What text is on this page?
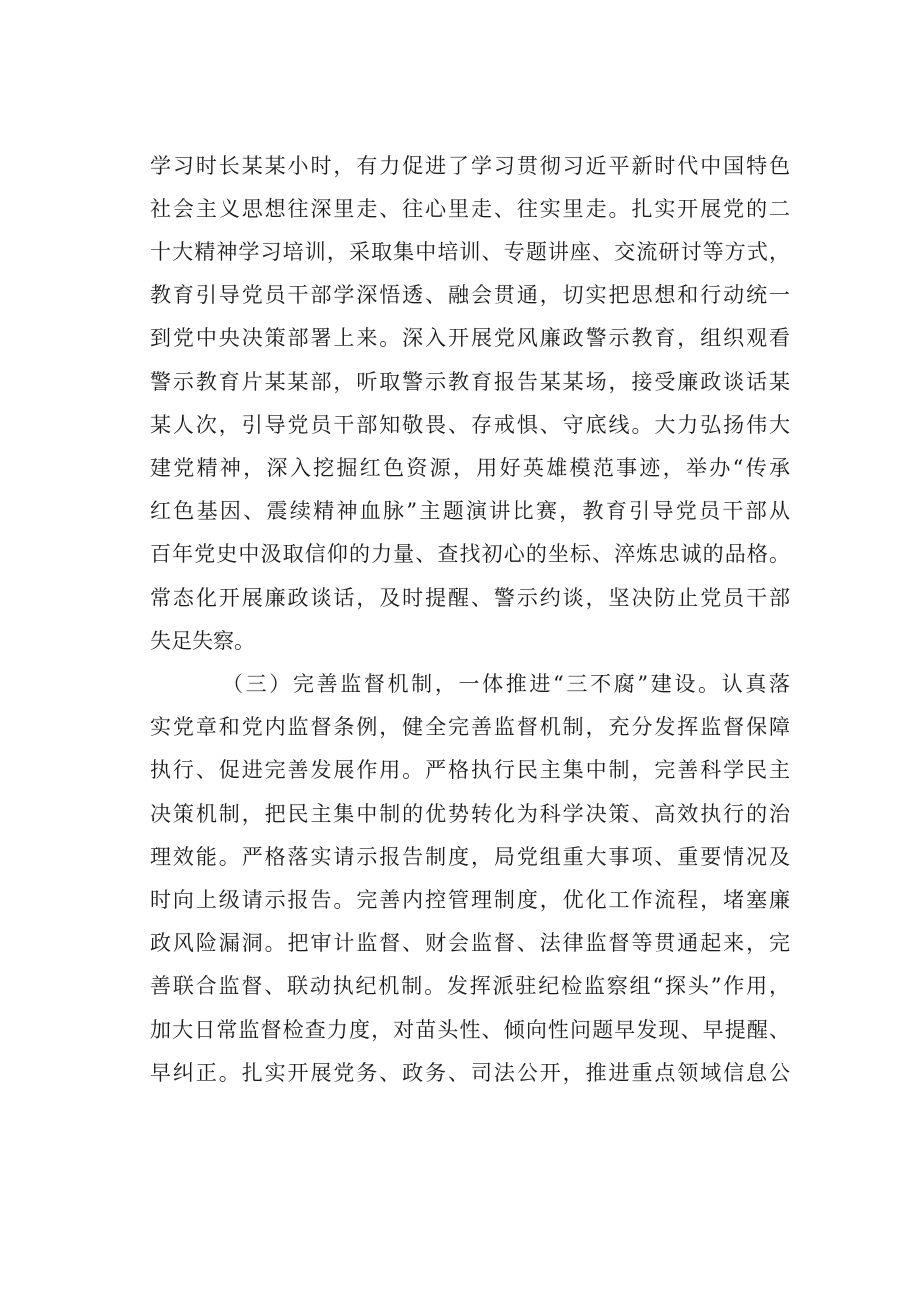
学习时长某某小时，有力促进了学习贯彻习近平新时代中国特色
社会主义思想往深里走、往心里走、往实里走。扎实开展党的二
十大精神学习培训，采取集中培训、专题讲座、交流研讨等方式，
教育引导党员干部学深悟透、融会贯通，切实把思想和行动统一
到党中央决策部署上来。深入开展党风廉政警示教育，组织观看
警示教育片某某部，听取警示教育报告某某场，接受廉政谈话某
某人次，引导党员干部知敬畏、存戒惧、守底线。大力弘扬伟大
建党精神，深入挖掘红色资源，用好英雄模范事迹，举办“传承
红色基因、震续精神血脉”主题演讲比赛，教育引导党员干部从
百年党史中汲取信仰的力量、查找初心的坐标、淬炼忠诚的品格。
常态化开展廉政谈话，及时提醒、警示约谈，坚决防止党员干部
失足失察。
（三）完善监督机制，一体推进“三不腐”建设。认真落
实党章和党内监督条例，健全完善监督机制，充分发挥监督保障
执行、促进完善发展作用。严格执行民主集中制，完善科学民主
决策机制，把民主集中制的优势转化为科学决策、高效执行的治
理效能。严格落实请示报告制度，局党组重大事项、重要情况及
时向上级请示报告。完善内控管理制度，优化工作流程，堵塞廉
政风险漏洞。把审计监督、财会监督、法律监督等贯通起来，完
善联合监督、联动执纪机制。发挥派驻纪检监察组“探头”作用，
加大日常监督检查力度，对苗头性、倾向性问题早发现、早提醒、
早纠正。扎实开展党务、政务、司法公开，推进重点领域信息公
